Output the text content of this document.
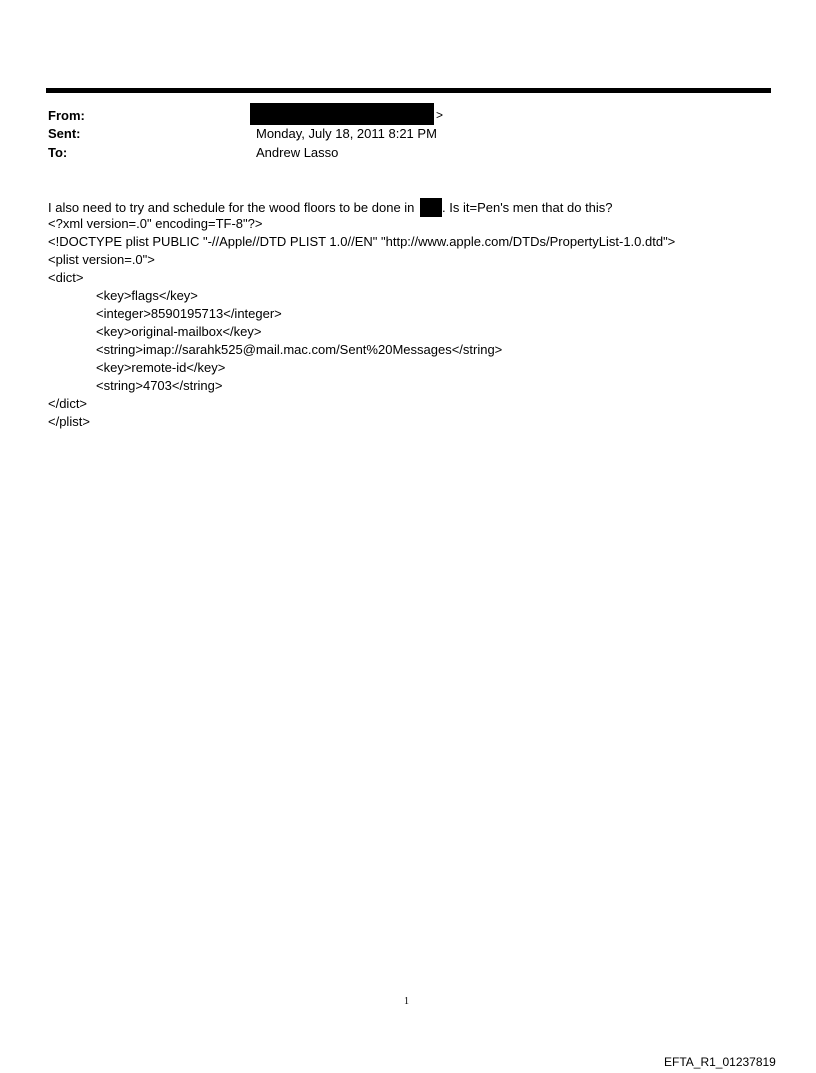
From:	>
Sent:	Monday, July 18, 2011 8:21 PM
To:	Andrew Lasso
I also need to try and schedule for the wood floors to be done in . Is it=Pen's men that do this?
<?xml version=.0" encoding=TF-8"?>
<!DOCTYPE plist PUBLIC "-//Apple//DTD PLIST 1.0//EN" "http://www.apple.com/DTDs/PropertyList-1.0.dtd">
<plist version=.0">
<dict>
<key>flags</key>
<integer>8590195713</integer>
<key>original-mailbox</key>
<string>imap://sarahk525@mail.mac.com/Sent%20Messages</string>
<key>remote-id</key>
<string>4703</string>
</dict>
</plist>
1
EFTA_R1_01237819
